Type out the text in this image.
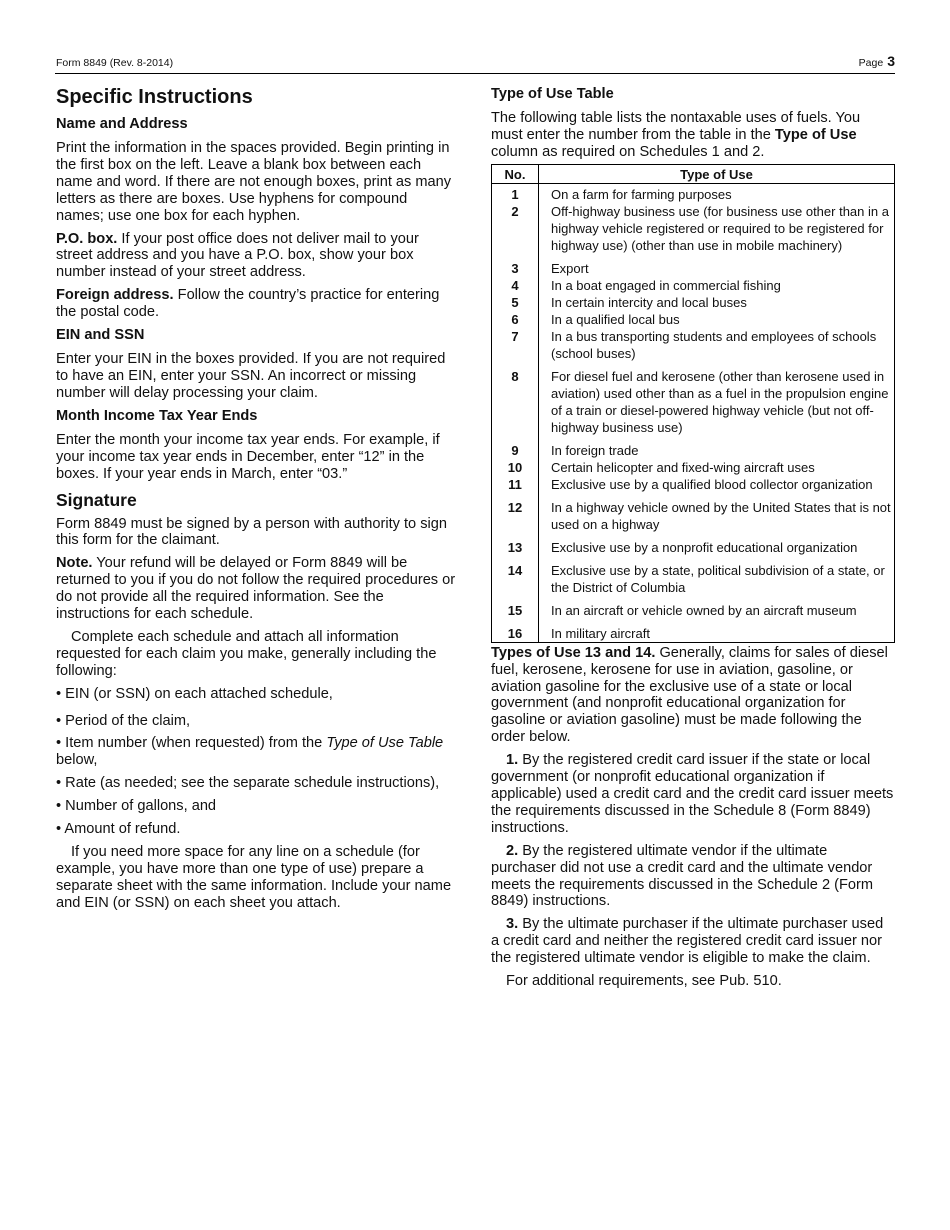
Form 8849 (Rev. 8-2014)	Page 3
Specific Instructions
Name and Address

Print the information in the spaces provided. Begin printing in the first box on the left. Leave a blank box between each name and word. If there are not enough boxes, print as many letters as there are boxes. Use hyphens for compound names; use one box for each hyphen.

P.O. box. If your post office does not deliver mail to your street address and you have a P.O. box, show your box number instead of your street address.

Foreign address. Follow the country’s practice for entering the postal code.

EIN and SSN

Enter your EIN in the boxes provided. If you are not required to have an EIN, enter your SSN. An incorrect or missing number will delay processing your claim.

Month Income Tax Year Ends

Enter the month your income tax year ends. For example, if your income tax year ends in December, enter “12” in the boxes. If your year ends in March, enter “03.”

Signature

Form 8849 must be signed by a person with authority to sign this form for the claimant.

Note. Your refund will be delayed or Form 8849 will be returned to you if you do not follow the required procedures or do not provide all the required information. See the instructions for each schedule.

Complete each schedule and attach all information requested for each claim you make, generally including the following:

• EIN (or SSN) on each attached schedule,
• Period of the claim,
• Item number (when requested) from the Type of Use Table below,
• Rate (as needed; see the separate schedule instructions),
• Number of gallons, and
• Amount of refund.

If you need more space for any line on a schedule (for example, you have more than one type of use) prepare a separate sheet with the same information. Include your name and EIN (or SSN) on each sheet you attach.

Type of Use Table

The following table lists the nontaxable uses of fuels. You must enter the number from the table in the Type of Use column as required on Schedules 1 and 2.

No.	Type of Use
1	On a farm for farming purposes
2	Off-highway business use (for business use other than in a highway vehicle registered or required to be registered for highway use) (other than use in mobile machinery)
3	Export
4	In a boat engaged in commercial fishing
5	In certain intercity and local buses
6	In a qualified local bus
7	In a bus transporting students and employees of schools (school buses)
8	For diesel fuel and kerosene (other than kerosene used in aviation) used other than as a fuel in the propulsion engine of a train or diesel-powered highway vehicle (but not off-highway business use)
9	In foreign trade
10	Certain helicopter and fixed-wing aircraft uses
11	Exclusive use by a qualified blood collector organization
12	In a highway vehicle owned by the United States that is not used on a highway
13	Exclusive use by a nonprofit educational organization
14	Exclusive use by a state, political subdivision of a state, or the District of Columbia
15	In an aircraft or vehicle owned by an aircraft museum
16	In military aircraft

Types of Use 13 and 14. Generally, claims for sales of diesel fuel, kerosene, kerosene for use in aviation, gasoline, or aviation gasoline for the exclusive use of a state or local government (and nonprofit educational organization for gasoline or aviation gasoline) must be made following the order below.

1. By the registered credit card issuer if the state or local government (or nonprofit educational organization if applicable) used a credit card and the credit card issuer meets the requirements discussed in the Schedule 8 (Form 8849) instructions.

2. By the registered ultimate vendor if the ultimate purchaser did not use a credit card and the ultimate vendor meets the requirements discussed in the Schedule 2 (Form 8849) instructions.

3. By the ultimate purchaser if the ultimate purchaser used a credit card and neither the registered credit card issuer nor the registered ultimate vendor is eligible to make the claim.

For additional requirements, see Pub. 510.
